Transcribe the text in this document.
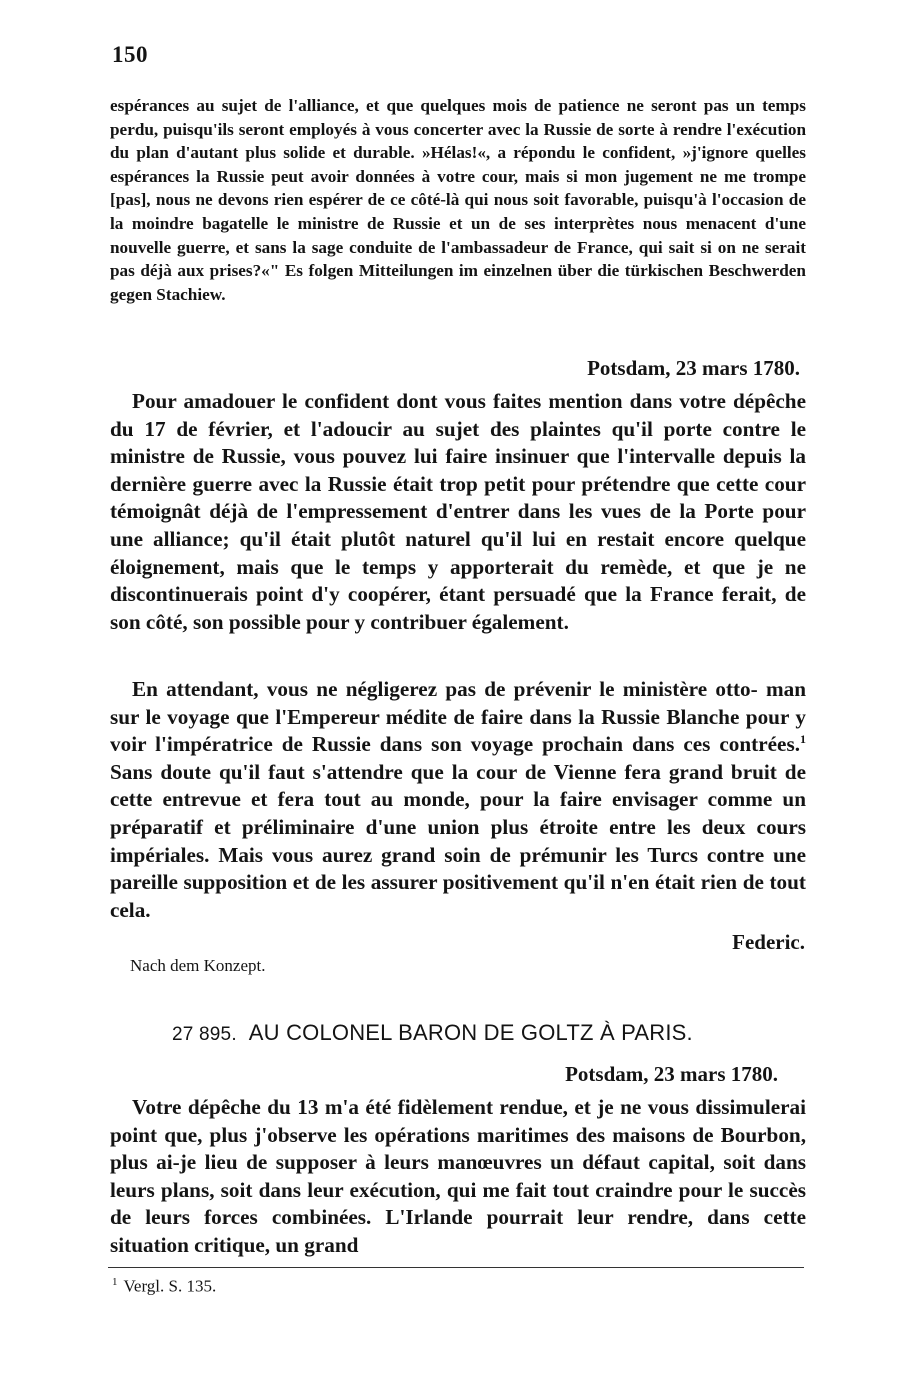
150

espérances au sujet de l'alliance, et que quelques mois de patience ne seront pas un temps perdu, puisqu'ils seront employés à vous concerter avec la Russie de sorte à rendre l'exécution du plan d'autant plus solide et durable. »Hélas!«, a répondu le confident, »j'ignore quelles espérances la Russie peut avoir données à votre cour, mais si mon jugement ne me trompe [pas], nous ne devons rien espérer de ce côté-là qui nous soit favorable, puisqu'à l'occasion de la moindre bagatelle le ministre de Russie et un de ses interprètes nous menacent d'une nouvelle guerre, et sans la sage conduite de l'ambassadeur de France, qui sait si on ne serait pas déjà aux prises?«" Es folgen Mitteilungen im einzelnen über die türkischen Beschwerden gegen Stachiew.

Potsdam, 23 mars 1780.

Pour amadouer le confident dont vous faites mention dans votre dépêche du 17 de février, et l'adoucir au sujet des plaintes qu'il porte contre le ministre de Russie, vous pouvez lui faire insinuer que l'intervalle depuis la dernière guerre avec la Russie était trop petit pour prétendre que cette cour témoignât déjà de l'empressement d'entrer dans les vues de la Porte pour une alliance; qu'il était plutôt naturel qu'il lui en restait encore quelque éloignement, mais que le temps y apporterait du remède, et que je ne discontinuerais point d'y coopérer, étant persuadé que la France ferait, de son côté, son possible pour y contribuer également.

En attendant, vous ne négligerez pas de prévenir le ministère otto- man sur le voyage que l'Empereur médite de faire dans la Russie Blanche pour y voir l'impératrice de Russie dans son voyage prochain dans ces contrées.$^1$ Sans doute qu'il faut s'attendre que la cour de Vienne fera grand bruit de cette entrevue et fera tout au monde, pour la faire envisager comme un préparatif et préliminaire d'une union plus étroite entre les deux cours impériales. Mais vous aurez grand soin de prémunir les Turcs contre une pareille supposition et de les assurer positivement qu'il n'en était rien de tout cela.

Federic.
Nach dem Konzept.
27 895. AU COLONEL BARON DE GOLTZ À PARIS.
Potsdam, 23 mars 1780.

Votre dépêche du 13 m'a été fidèlement rendue, et je ne vous dissimulerai point que, plus j'observe les opérations maritimes des maisons de Bourbon, plus ai-je lieu de supposer à leurs manœuvres un défaut capital, soit dans leurs plans, soit dans leur exécution, qui me fait tout craindre pour le succès de leurs forces combinées. L'Irlande pourrait leur rendre, dans cette situation critique, un grand

$^1$ Vergl. S. 135.
